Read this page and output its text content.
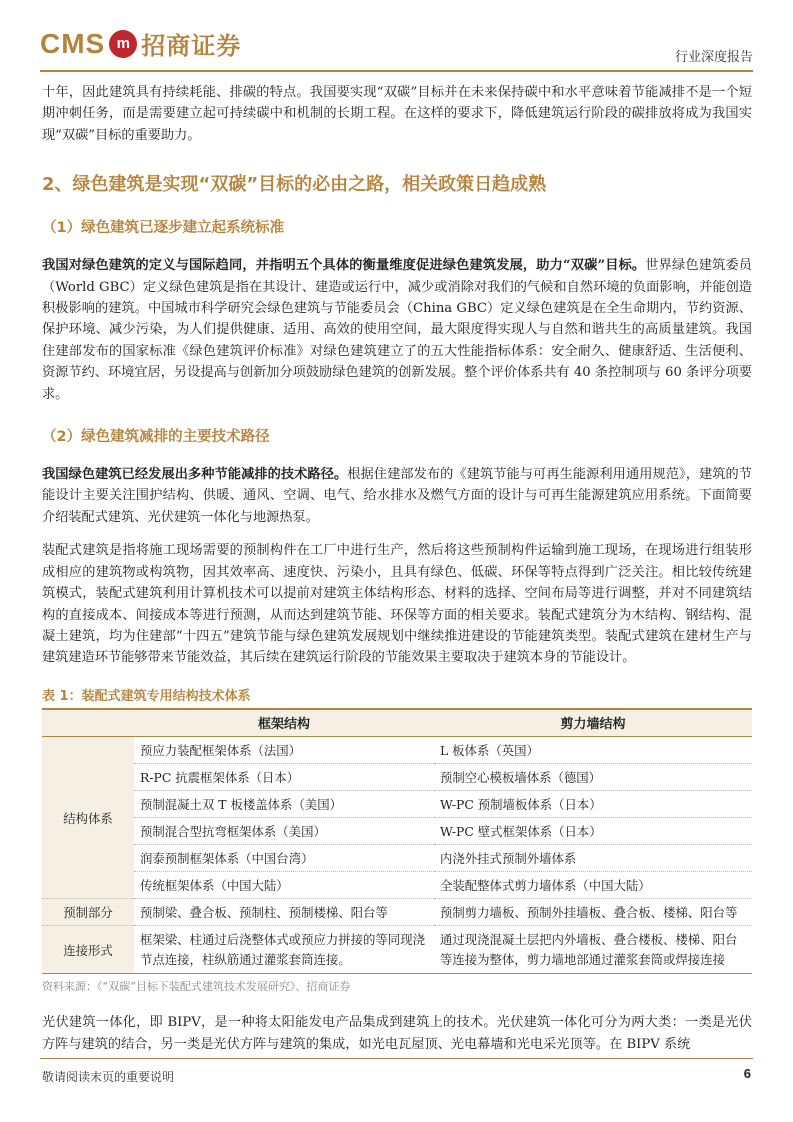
CMS m 招商证券	行业深度报告

十年，因此建筑具有持续耗能、排碳的特点。我国要实现“双碳”目标并在未来保持碳中和水平意味着节能减排不是一个短期冲刺任务，而是需要建立起可持续碳中和机制的长期工程。在这样的要求下，降低建筑运行阶段的碳排放将成为我国实现“双碳”目标的重要助力。

2、绿色建筑是实现“双碳”目标的必由之路，相关政策日趋成熟
（1）绿色建筑已逐步建立起系统标准

我国对绿色建筑的定义与国际趋同，并指明五个具体的衡量维度促进绿色建筑发展，助力“双碳”目标。世界绿色建筑委员（World GBC）定义绿色建筑是指在其设计、建造或运行中，减少或消除对我们的气候和自然环境的负面影响，并能创造积极影响的建筑。中国城市科学研究会绿色建筑与节能委员会（China GBC）定义绿色建筑是在全生命期内，节约资源、保护环境、减少污染，为人们提供健康、适用、高效的使用空间，最大限度得实现人与自然和谐共生的高质量建筑。我国住建部发布的国家标准《绿色建筑评价标准》对绿色建筑建立了的五大性能指标体系：安全耐久、健康舒适、生活便利、资源节约、环境宜居，另设提高与创新加分项鼓励绿色建筑的创新发展。整个评价体系共有 40 条控制项与 60 条评分项要求。

（2）绿色建筑减排的主要技术路径

我国绿色建筑已经发展出多种节能减排的技术路径。根据住建部发布的《建筑节能与可再生能源利用通用规范》，建筑的节能设计主要关注围护结构、供暖、通风、空调、电气、给水排水及燃气方面的设计与可再生能源建筑应用系统。下面简要介绍装配式建筑、光伏建筑一体化与地源热泵。

装配式建筑是指将施工现场需要的预制构件在工厂中进行生产，然后将这些预制构件运输到施工现场，在现场进行组装形成相应的建筑物或构筑物，因其效率高、速度快、污染小，且具有绿色、低碳、环保等特点得到广泛关注。相比较传统建筑模式，装配式建筑利用计算机技术可以提前对建筑主体结构形态、材料的选择、空间布局等进行调整，并对不同建筑结构的直接成本、间接成本等进行预测，从而达到建筑节能、环保等方面的相关要求。装配式建筑分为木结构、钢结构、混凝土建筑，均为住建部“十四五”建筑节能与绿色建筑发展规划中继续推进建设的节能建筑类型。装配式建筑在建材生产与建筑建造环节能够带来节能效益，其后续在建筑运行阶段的节能效果主要取决于建筑本身的节能设计。

表 1：装配式建筑专用结构技术体系
	框架结构	剪力墙结构
结构体系	预应力装配框架体系（法国）	L 板体系（英国）
	R-PC 抗震框架体系（日本）	预制空心模板墙体系（德国）
	预制混凝土双 T 板楼盖体系（美国）	W-PC 预制墙板体系（日本）
	预制混合型抗弯框架体系（美国）	W-PC 壁式框架体系（日本）
	润泰预制框架体系（中国台湾）	内浇外挂式预制外墙体系
	传统框架体系（中国大陆）	全装配整体式剪力墙体系（中国大陆）
预制部分	预制梁、叠合板、预制柱、预制楼梯、阳台等	预制剪力墙板、预制外挂墙板、叠合板、楼梯、阳台等
连接形式	框架梁、柱通过后浇整体式或预应力拼接的等同现浇节点连接，柱纵筋通过灌浆套筒连接。	通过现浇混凝土层把内外墙板、叠合楼板、楼梯、阳台等连接为整体，剪力墙地部通过灌浆套筒或焊接连接
资料来源：《“双碳”目标下装配式建筑技术发展研究》、招商证券

光伏建筑一体化，即 BIPV，是一种将太阳能发电产品集成到建筑上的技术。光伏建筑一体化可分为两大类：一类是光伏方阵与建筑的结合，另一类是光伏方阵与建筑的集成，如光电瓦屋顶、光电幕墙和光电采光顶等。在 BIPV 系统

敬请阅读末页的重要说明	6
